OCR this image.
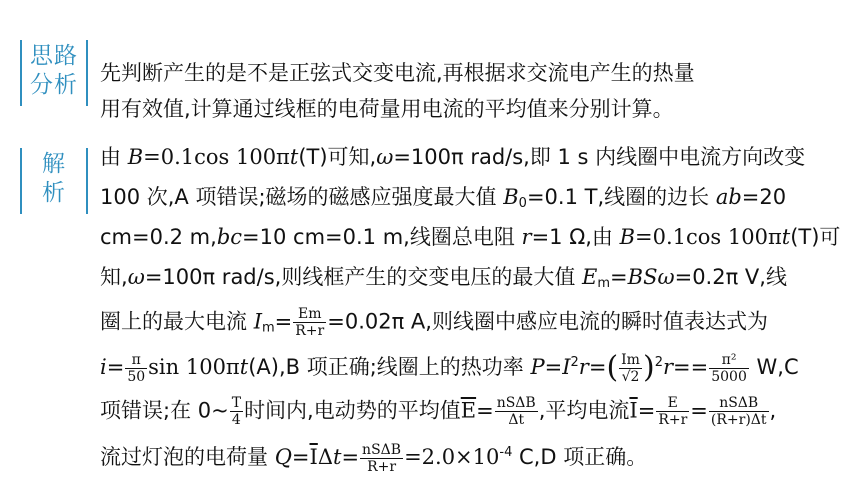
思路
分析
解
析
先判断产生的是不是正弦式交变电流,再根据求交流电产生的热量
用有效值,计算通过线框的电荷量用电流的平均值来分别计算。
由 B=0.1cos 100πt(T)可知,ω=100π rad/s,即 1 s 内线圈中电流方向改变
100 次,A 项错误;磁场的磁感应强度最大值 $B_0=0.1$ T,线圈的边长 ab=20
cm=0.2 m,bc=10 cm=0.1 m,线圈总电阻 r=1 Ω,由 B=0.1cos 100πt(T)可
知,ω=100π rad/s,则线框产生的交变电压的最大值 $E_m=BS\omega=0.2\pi$ V,线
圈上的最大电流 $I_m= \frac{Em}{R+r} =0.02\pi$ A,则线圈中感应电流的瞬时值表达式为
$i= \frac{\pi}{50}$ sin 100πt(A),B 项正确;线圈上的热功率 $P=I^2r=( \frac{Im}{√2} )^2r== \frac{\text{π²}}{5000} W,C$
项错误;在 0~ $\frac{T}{4}$ 时间内,电动势的平均值$\overline{E}= \frac{\text{nSΔB}}{\Delta t}$ ,平均电流$\overline{I}= \frac{E}{R+r} = \frac{\text{nSΔB}}{(R+r)\Delta t}$ ,
流过灯泡的电荷量 $Q=\overline{I}\Delta t= \frac{\text{nSΔB}}{R+r} =2.0\times 10^{-4}$ C,D 项正确。
